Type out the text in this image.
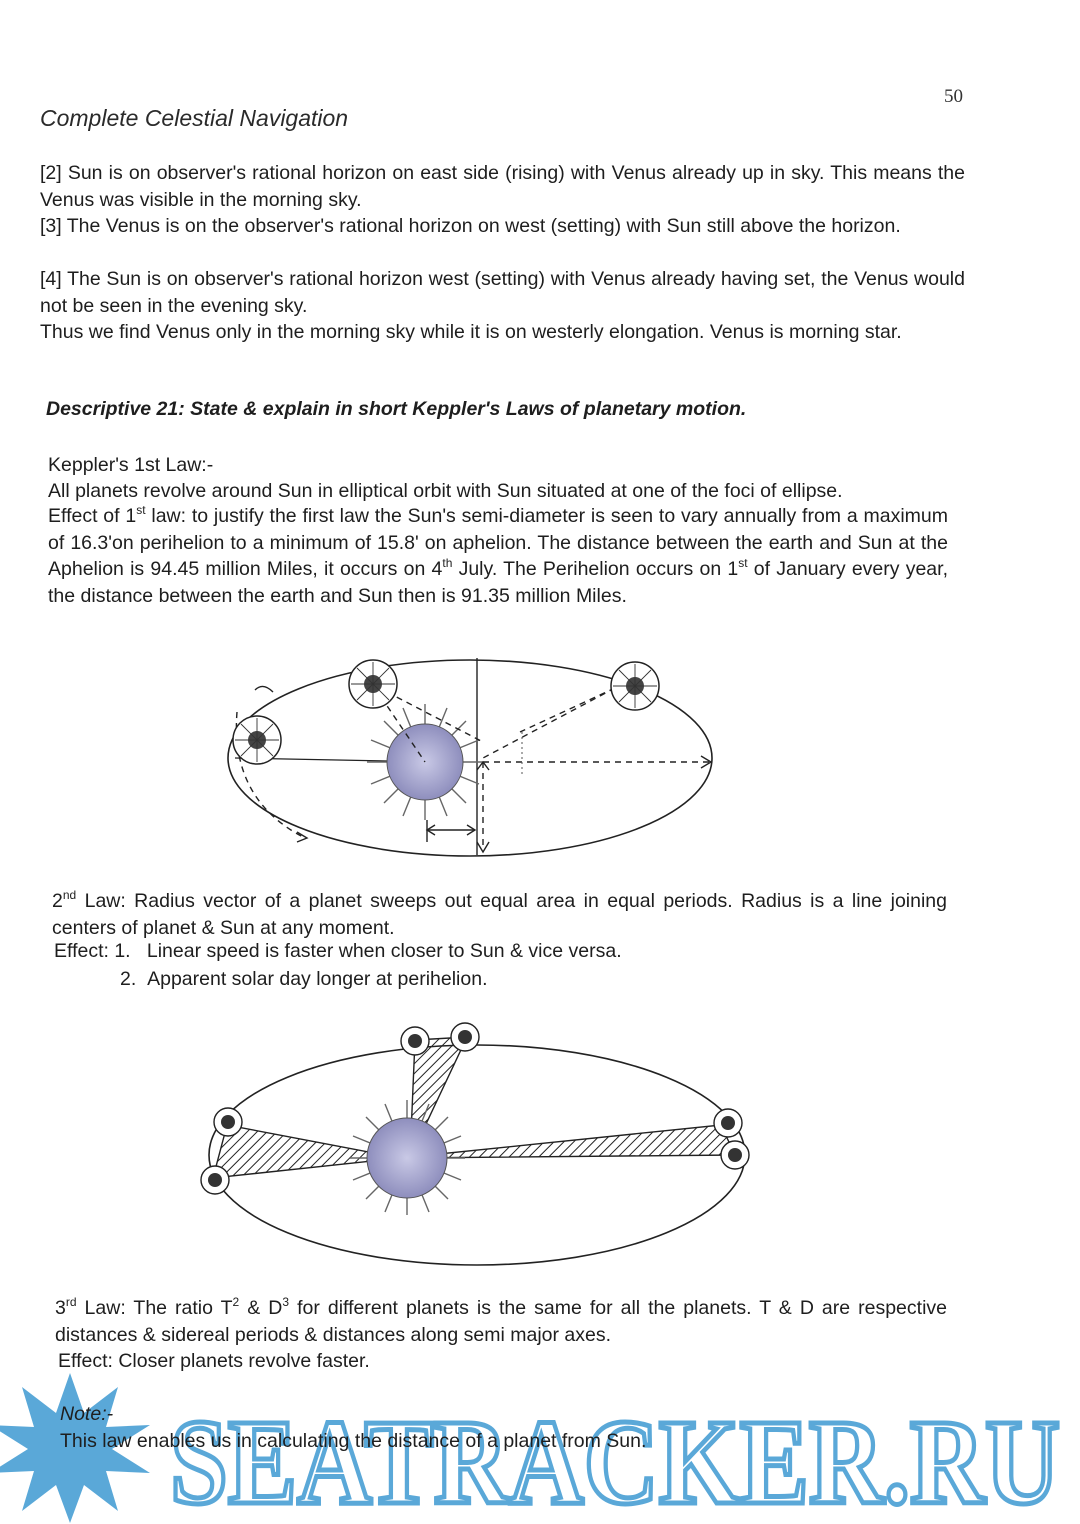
50
Complete Celestial Navigation

[2] Sun is on observer's rational horizon on east side (rising) with Venus already up in sky. This means the Venus was visible in the morning sky.

[3] The Venus is on the observer's rational horizon on west (setting) with Sun still above the horizon.

[4] The Sun is on observer's rational horizon west (setting) with Venus already having set, the Venus would not be seen in the evening sky.

Thus we find Venus only in the morning sky while it is on westerly elongation. Venus is morning star.

Descriptive 21: State & explain in short Keppler's Laws of planetary motion.

Keppler's 1st Law:-

All planets revolve around Sun in elliptical orbit with Sun situated at one of the foci of ellipse.

Effect of 1st law: to justify the first law the Sun's semi-diameter is seen to vary annually from a maximum of 16.3'on perihelion to a minimum of 15.8' on aphelion. The distance between the earth and Sun at the Aphelion is 94.45 million Miles, it occurs on 4th July. The Perihelion occurs on 1st of January every year, the distance between the earth and Sun then is 91.35 million Miles.

2nd Law: Radius vector of a planet sweeps out equal area in equal periods. Radius is a line joining centers of planet & Sun at any moment.

Effect: 1. Linear speed is faster when closer to Sun & vice versa.
2. Apparent solar day longer at perihelion.

3rd Law: The ratio $T^2$ & $D^3$ for different planets is the same for all the planets. T & D are respective distances & sidereal periods & distances along semi major axes.

Effect: Closer planets revolve faster.
SEATRACKER.RU
Note:-
This law enables us in calculating the distance of a planet from Sun.
